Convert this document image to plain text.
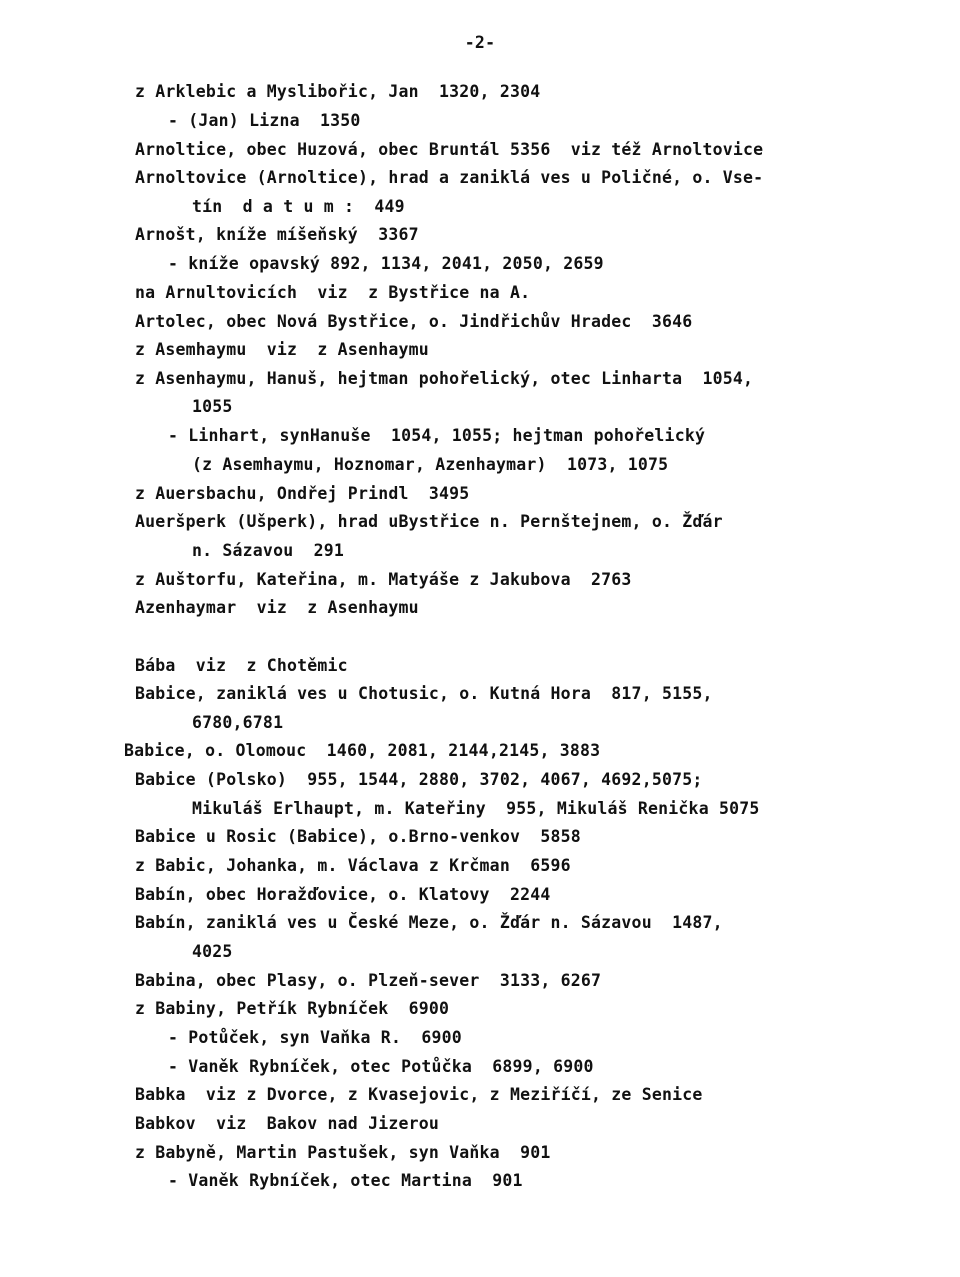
-2-
z Arklebic a Myslibořic, Jan  1320, 2304
- (Jan) Lizna  1350
Arnoltice, obec Huzová, obec Bruntál 5356  viz též Arnoltovice
Arnoltovice (Arnoltice), hrad a zaniklá ves u Poličné, o. Vse-
tín  d a t u m :  449
Arnošt, kníže míšeňský  3367
- kníže opavský 892, 1134, 2041, 2050, 2659
na Arnultovicích  viz  z Bystřice na A.
Artolec, obec Nová Bystřice, o. Jindřichův Hradec  3646
z Asemhaymu  viz  z Asenhaymu
z Asenhaymu, Hanuš, hejtman pohořelický, otec Linharta  1054,
1055
- Linhart, synHanuše  1054, 1055; hejtman pohořelický
(z Asemhaymu, Hoznomar, Azenhaymar)  1073, 1075
z Auersbachu, Ondřej Prindl  3495
Aueršperk (Ušperk), hrad uBystřice n. Pernštejnem, o. Žďár
n. Sázavou  291
z Auštorfu, Kateřina, m. Matyáše z Jakubova  2763
Azenhaymar  viz  z Asenhaymu
Bába  viz  z Chotěmic
Babice, zaniklá ves u Chotusic, o. Kutná Hora  817, 5155,
6780,6781
Babice, o. Olomouc  1460, 2081, 2144,2145, 3883
Babice (Polsko)  955, 1544, 2880, 3702, 4067, 4692,5075;
Mikuláš Erlhaupt, m. Kateřiny  955, Mikuláš Renička 5075
Babice u Rosic (Babice), o.Brno-venkov  5858
z Babic, Johanka, m. Václava z Krčman  6596
Babín, obec Horažďovice, o. Klatovy  2244
Babín, zaniklá ves u České Meze, o. Žďár n. Sázavou  1487,
4025
Babina, obec Plasy, o. Plzeň-sever  3133, 6267
z Babiny, Petřík Rybníček  6900
- Potůček, syn Vaňka R.  6900
- Vaněk Rybníček, otec Potůčka  6899, 6900
Babka  viz z Dvorce, z Kvasejovic, z Meziříčí, ze Senice
Babkov  viz  Bakov nad Jizerou
z Babyně, Martin Pastušek, syn Vaňka  901
- Vaněk Rybníček, otec Martina  901
